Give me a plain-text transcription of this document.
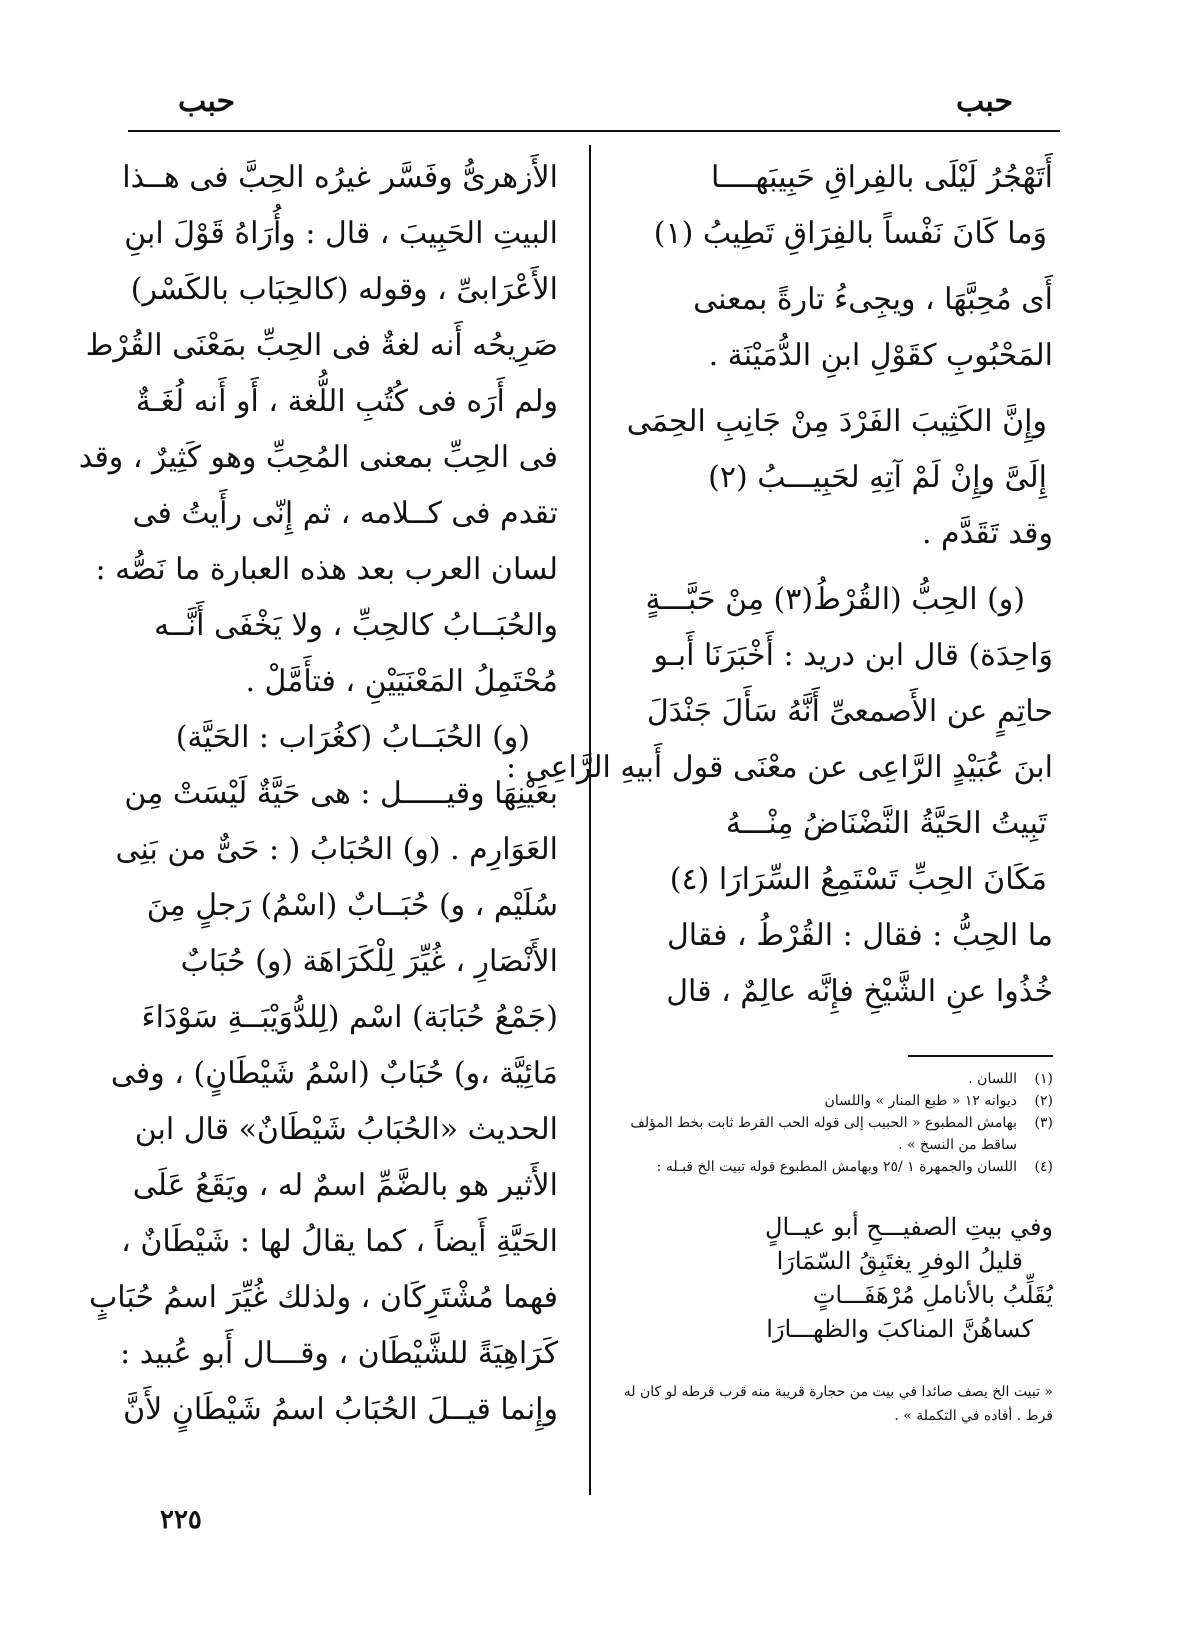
حبب
حبب
أَتَهْجُرُ لَيْلَى بالفِراقِ حَبِيبَهــــا
وَما كَانَ نَفْساً بالفِرَاقِ تَطِيبُ (١)
أَى مُحِبَّهَا ، ويجِىءُ تارةً بمعنى
المَحْبُوبِ كقَوْلِ ابنِ الدُّمَيْنَة .
وإِنَّ الكَثِيبَ الفَرْدَ مِنْ جَانِبِ الحِمَى
إِلَىَّ وإِنْ لَمْ آتِهِ لحَبِيـــبُ (٢)
وقد تَقَدَّم .
(و) الحِبُّ (القُرْطُ(٣) مِنْ حَبَّـــةٍ
وَاحِدَة) قال ابن دريد : أَخْبَرَنَا أَبـو
حاتِمٍ عن الأَصمعىِّ أَنَّهُ سَأَلَ جَنْدَلَ
ابنَ عُبَيْدٍ الرَّاعِى عن معْنَى قول أَبيهِ الرَّاعِى :
تَبِيتُ الحَيَّةُ النَّضْنَاضُ مِنْـــهُ
مَكَانَ الحِبِّ تَسْتَمِعُ السِّرَارَا (٤)
ما الحِبُّ : فقال : القُرْطُ ، فقال
خُذُوا عنِ الشَّيْخِ فإِنَّه عالِمٌ ، قال
الأَزهرىُّ وفَسَّر غيرُه الحِبَّ فى هــذا
البيتِ الحَبِيبَ ، قال : وأُرَاهُ قَوْلَ ابنِ
الأَعْرَابىِّ ، وقوله (كالحِبَاب بالكَسْر)
صَرِيحُه أَنه لغةٌ فى الحِبِّ بمَعْنَى القُرْط
ولم أَرَه فى كُتُبِ اللُّغة ، أَو أَنه لُغَـةٌ
فى الحِبِّ بمعنى المُحِبِّ وهو كَثِيرٌ ، وقد
تقدم فى كــلامه ، ثم إِنّى رأَيتُ فى
لسان العرب بعد هذه العبارة ما نَصُّه :
والحُبَــابُ كالحِبِّ ، ولا يَخْفَى أَنَّــه
مُحْتَمِلُ المَعْنَيَيْنِ ، فتأَمَّلْ .
(و) الحُبَــابُ (كغُرَاب : الحَيَّة)
بعَيْنِهَا وقيـــــل : هى حَيَّةٌ لَيْسَتْ مِن
العَوَارِم . (و) الحُبَابُ ( : حَىٌّ من بَنِى
سُلَيْم ، و) حُبَــابٌ (اسْمُ) رَجلٍ مِنَ
الأَنْصَارِ ، غُيِّرَ لِلْكَرَاهَة (و) حُبَابٌ
(جَمْعُ حُبَابَة) اسْم (لِلدُّوَيْبَــةِ سَوْدَاءَ
مَائِيَّة ،و) حُبَابٌ (اسْمُ شَيْطَانٍ) ، وفى
الحديث «الحُبَابُ شَيْطَانٌ» قال ابن
الأَثير هو بالضَّمِّ اسمٌ له ، ويَقَعُ عَلَى
الحَيَّةِ أَيضاً ، كما يقالُ لها : شَيْطَانٌ ،
فهما مُشْتَرِكَان ، ولذلك غُيِّرَ اسمُ حُبَابٍ
كَرَاهِيَةً للشَّيْطَان ، وقـــال أَبو عُبيد :
وإِنما قيــلَ الحُبَابُ اسمُ شَيْطَانٍ لأَنَّ
(١)
اللسان .
(٢)
ديوانه ١٢ « طبع المنار » واللسان
(٣)
بهامش المطبوع « الحبيب إلى قوله الحب القرط ثابت بخط المؤلف ساقط من النسخ » .
(٤)
اللسان والجمهرة ١ /٢٥ وبهامش المطبوع قوله تبيت الخ قبـله :
وفي بيتِ الصفيـــحِ أبو عيــالٍ
قليلُ الوفرِ يغتَبِقُ السّمَارَا
يُقَلِّبُ بالأناملِ مُرْهَفَـــاتٍ
كساهُنَّ المناكبَ والظهـــارَا
« تبيت الخ يصف صائدا في بيت من حجارة قريبة منه قرب قرطه لو كان له قرط . أفاده في التكملة » .
٢٢٥
